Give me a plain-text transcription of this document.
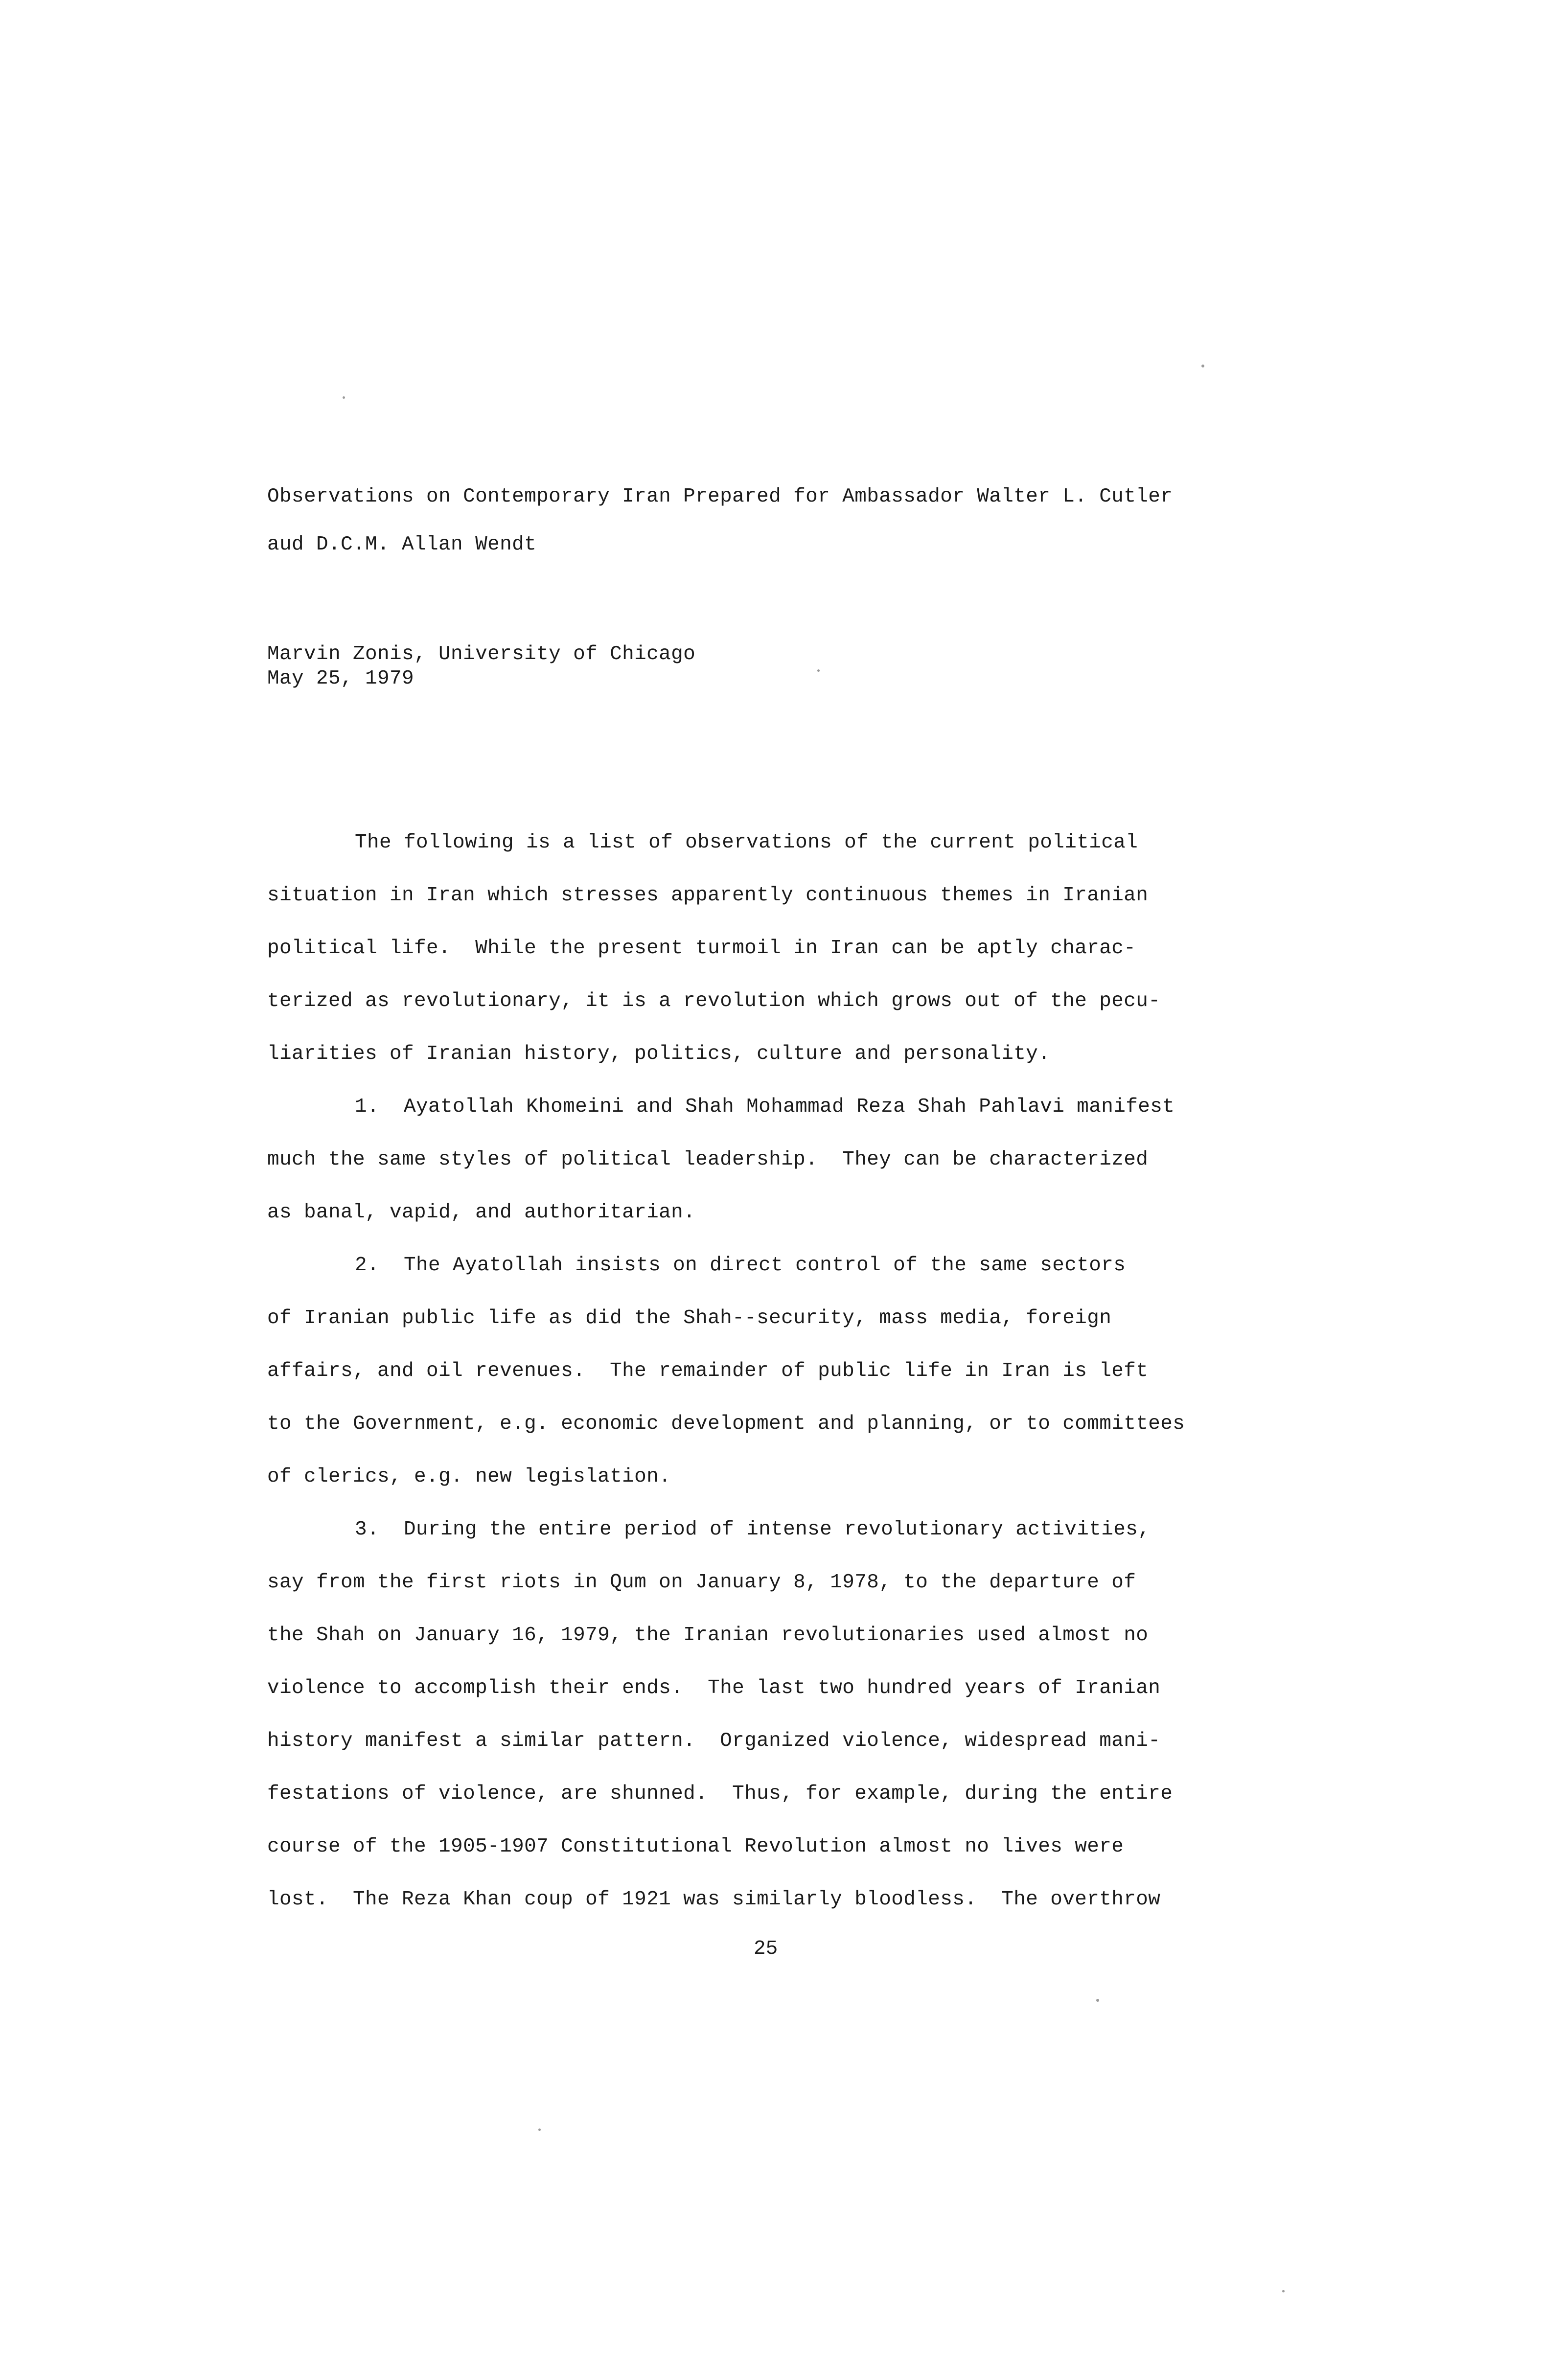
Observations on Contemporary Iran Prepared for Ambassador Walter L. Cutler
aud D.C.M. Allan Wendt
Marvin Zonis, University of Chicago
May 25, 1979
The following is a list of observations of the current political
situation in Iran which stresses apparently continuous themes in Iranian
political life.  While the present turmoil in Iran can be aptly charac-
terized as revolutionary, it is a revolution which grows out of the pecu-
liarities of Iranian history, politics, culture and personality.
1.  Ayatollah Khomeini and Shah Mohammad Reza Shah Pahlavi manifest
much the same styles of political leadership.  They can be characterized
as banal, vapid, and authoritarian.
2.  The Ayatollah insists on direct control of the same sectors
of Iranian public life as did the Shah--security, mass media, foreign
affairs, and oil revenues.  The remainder of public life in Iran is left
to the Government, e.g. economic development and planning, or to committees
of clerics, e.g. new legislation.
3.  During the entire period of intense revolutionary activities,
say from the first riots in Qum on January 8, 1978, to the departure of
the Shah on January 16, 1979, the Iranian revolutionaries used almost no
violence to accomplish their ends.  The last two hundred years of Iranian
history manifest a similar pattern.  Organized violence, widespread mani-
festations of violence, are shunned.  Thus, for example, during the entire
course of the 1905-1907 Constitutional Revolution almost no lives were
lost.  The Reza Khan coup of 1921 was similarly bloodless.  The overthrow
25
